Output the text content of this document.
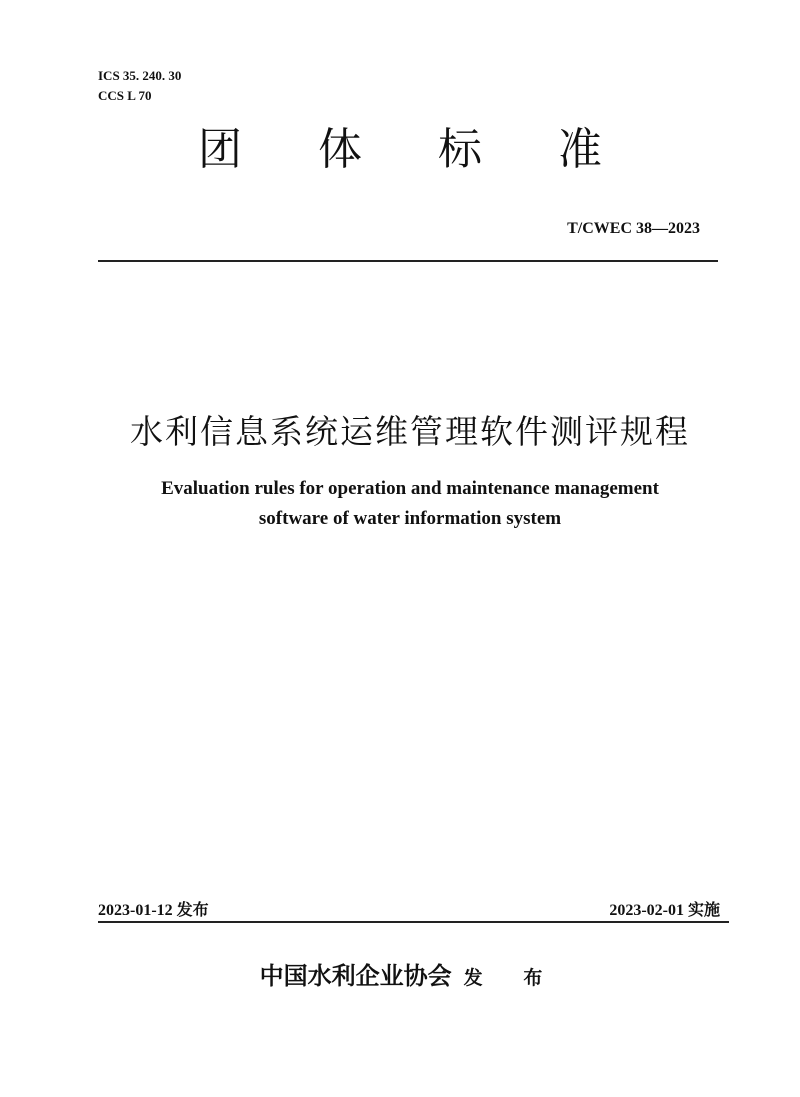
ICS 35. 240. 30
CCS L 70
团 体 标 准
T/CWEC 38—2023
水利信息系统运维管理软件测评规程
Evaluation rules for operation and maintenance management
software of water information system
2023-01-12 发布	2023-02-01 实施
中国水利企业协会 发 布
